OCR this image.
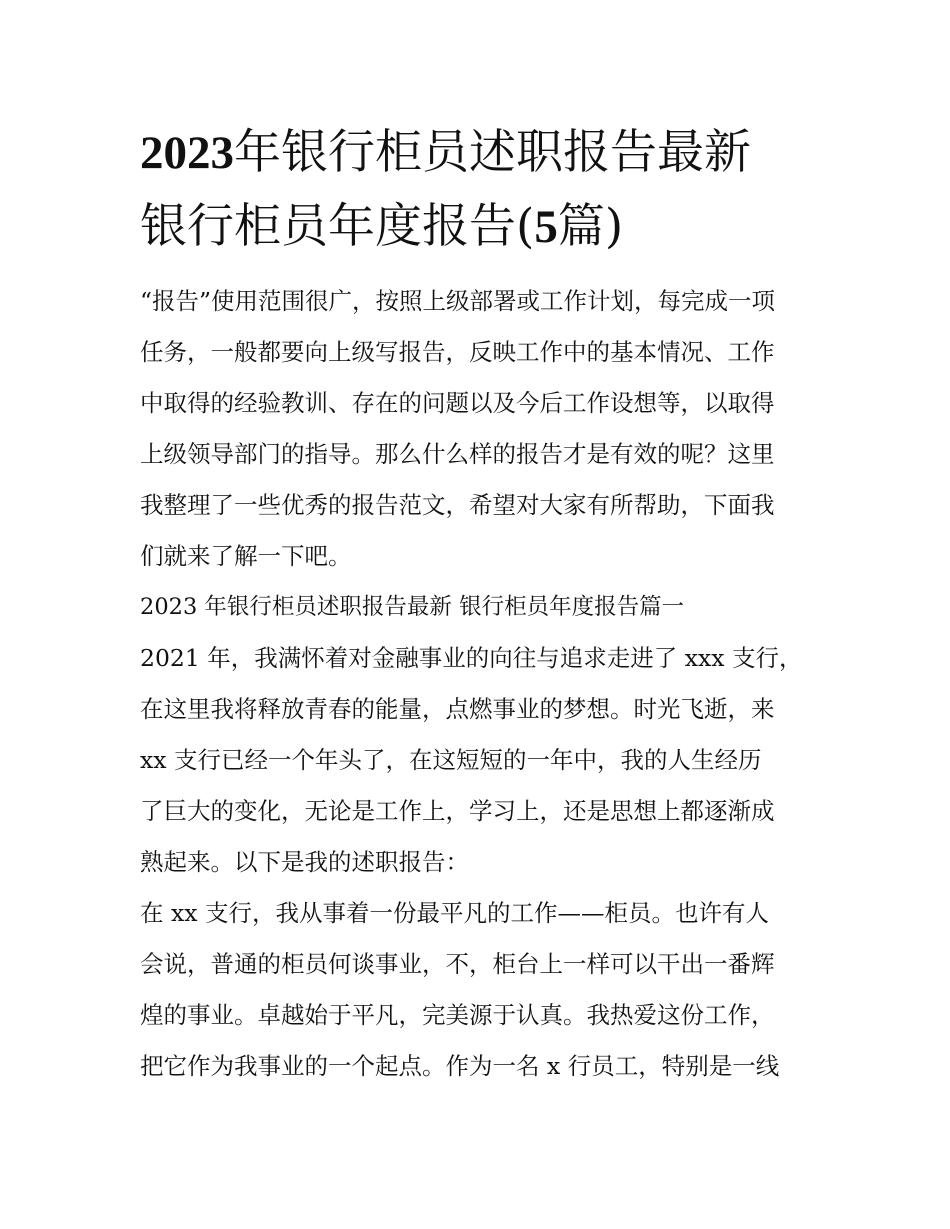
2023年银行柜员述职报告最新
银行柜员年度报告(5篇)
“报告”使用范围很广，按照上级部署或工作计划，每完成一项
任务，一般都要向上级写报告，反映工作中的基本情况、工作
中取得的经验教训、存在的问题以及今后工作设想等，以取得
上级领导部门的指导。那么什么样的报告才是有效的呢？这里
我整理了一些优秀的报告范文，希望对大家有所帮助，下面我
们就来了解一下吧。
2023 年银行柜员述职报告最新 银行柜员年度报告篇一
2021 年，我满怀着对金融事业的向往与追求走进了 xxx 支行，
在这里我将释放青春的能量，点燃事业的梦想。时光飞逝，来
xx 支行已经一个年头了，在这短短的一年中，我的人生经历
了巨大的变化，无论是工作上，学习上，还是思想上都逐渐成
熟起来。以下是我的述职报告：
在 xx 支行，我从事着一份最平凡的工作——柜员。也许有人
会说，普通的柜员何谈事业，不，柜台上一样可以干出一番辉
煌的事业。卓越始于平凡，完美源于认真。我热爱这份工作，
把它作为我事业的一个起点。作为一名 x 行员工，特别是一线
